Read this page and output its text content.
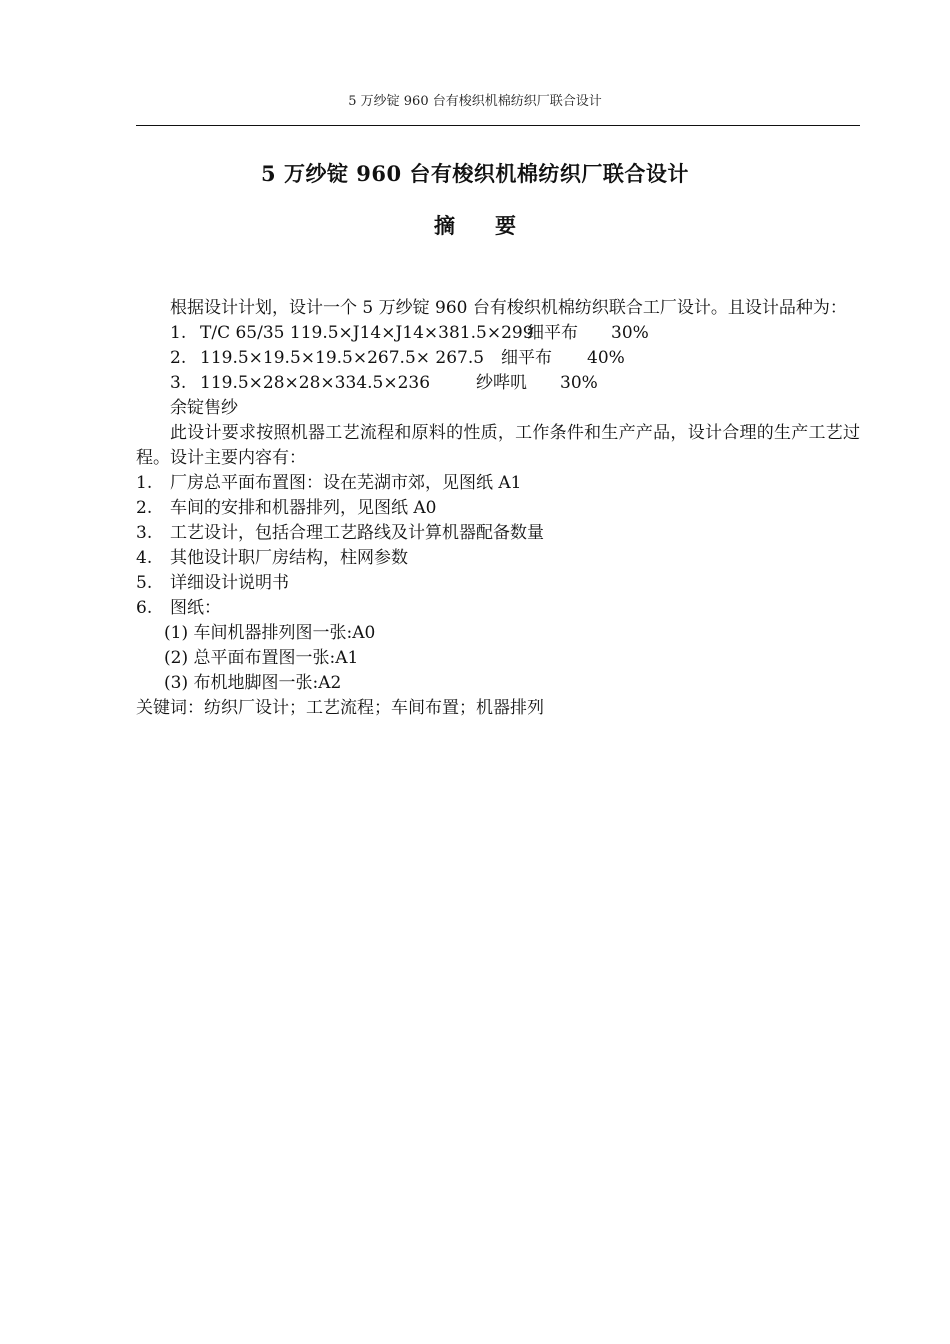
5 万纱锭 960 台有梭织机棉纺织厂联合设计
5 万纱锭 960 台有梭织机棉纺织厂联合设计
摘要

根据设计计划，设计一个 5 万纱锭 960 台有梭织机棉纺织联合工厂设计。且设计品种为：

1. T/C 65/35 119.5×J14×J14×381.5×299细平布 30%

2. 119.5×19.5×19.5×267.5× 267.5 细平布 40%

3. 119.5×28×28×334.5×236	纱哔叽 30%

余锭售纱

此设计要求按照机器工艺流程和原料的性质，工作条件和生产产品，设计合理的生产工艺过程。设计主要内容有：

1. 厂房总平面布置图：设在芜湖市郊，见图纸 A1

2. 车间的安排和机器排列，见图纸 A0

3. 工艺设计，包括合理工艺路线及计算机器配备数量

4. 其他设计职厂房结构，柱网参数

5. 详细设计说明书

6. 图纸：

(1) 车间机器排列图一张:A0

(2) 总平面布置图一张:A1

(3) 布机地脚图一张:A2

关键词：纺织厂设计；工艺流程；车间布置；机器排列
